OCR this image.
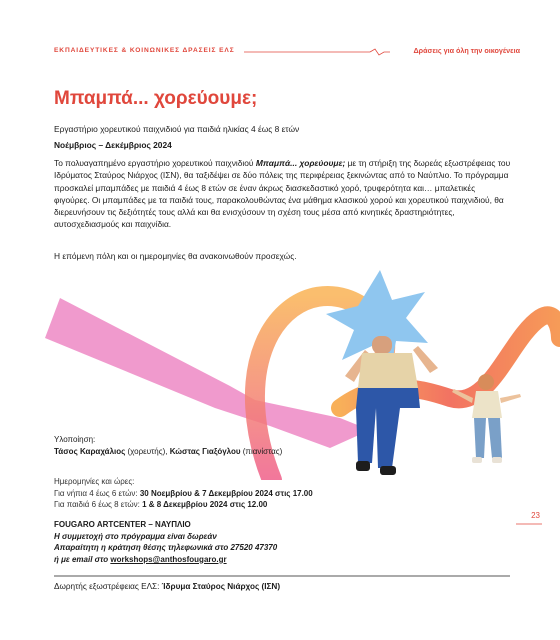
ΕΚΠΑΙΔΕΥΤΙΚΕΣ & ΚΟΙΝΩΝΙΚΕΣ ΔΡΑΣΕΙΣ ΕΛΣ	Δράσεις για όλη την οικογένεια
Μπαμπά... χορεύουμε;
Εργαστήριο χορευτικού παιχνιδιού για παιδιά ηλικίας 4 έως 8 ετών
Νοέμβριος – Δεκέμβριος 2024
Το πολυαγαπημένο εργαστήριο χορευτικού παιχνιδιού Μπαμπά... χορεύουμε; με τη στήριξη της δωρεάς εξωστρέφειας του Ιδρύματος Σταύρος Νιάρχος (ΙΣΝ), θα ταξιδέψει σε δύο πόλεις της περιφέρειας ξεκινώντας από το Ναύπλιο. Το πρόγραμμα προσκαλεί μπαμπάδες με παιδιά 4 έως 8 ετών σε έναν άκρως διασκεδαστικό χορό, τρυφερότητα και… μπαλετικές φιγούρες. Οι μπαμπάδες με τα παιδιά τους, παρακολουθώντας ένα μάθημα κλασικού χορού και χορευτικού παιχνιδιού, θα διερευνήσουν τις δεξιότητές τους αλλά και θα ενισχύσουν τη σχέση τους μέσα από κινητικές δραστηριότητες, αυτοσχεδιασμούς και παιχνίδια.
Η επόμενη πόλη και οι ημερομηνίες θα ανακοινωθούν προσεχώς.
Υλοποίηση:
Τάσος Καραχάλιος (χορευτής), Κώστας Γιαξόγλου (πιανίστας)
Ημερομηνίες και ώρες:
Για νήπια 4 έως 6 ετών: 30 Νοεμβρίου & 7 Δεκεμβρίου 2024 στις 17.00
Για παιδιά 6 έως 8 ετών: 1 & 8 Δεκεμβρίου 2024 στις 12.00
FOUGARO ARTCENTER – ΝΑΥΠΛΙΟ
Η συμμετοχή στο πρόγραμμα είναι δωρεάν
Απαραίτητη η κράτηση θέσης τηλεφωνικά στο 27520 47370
ή με email στο workshops@anthosfougaro.gr
Δωρητής εξωστρέφειας ΕΛΣ: Ίδρυμα Σταύρος Νιάρχος (ΙΣΝ)
23
